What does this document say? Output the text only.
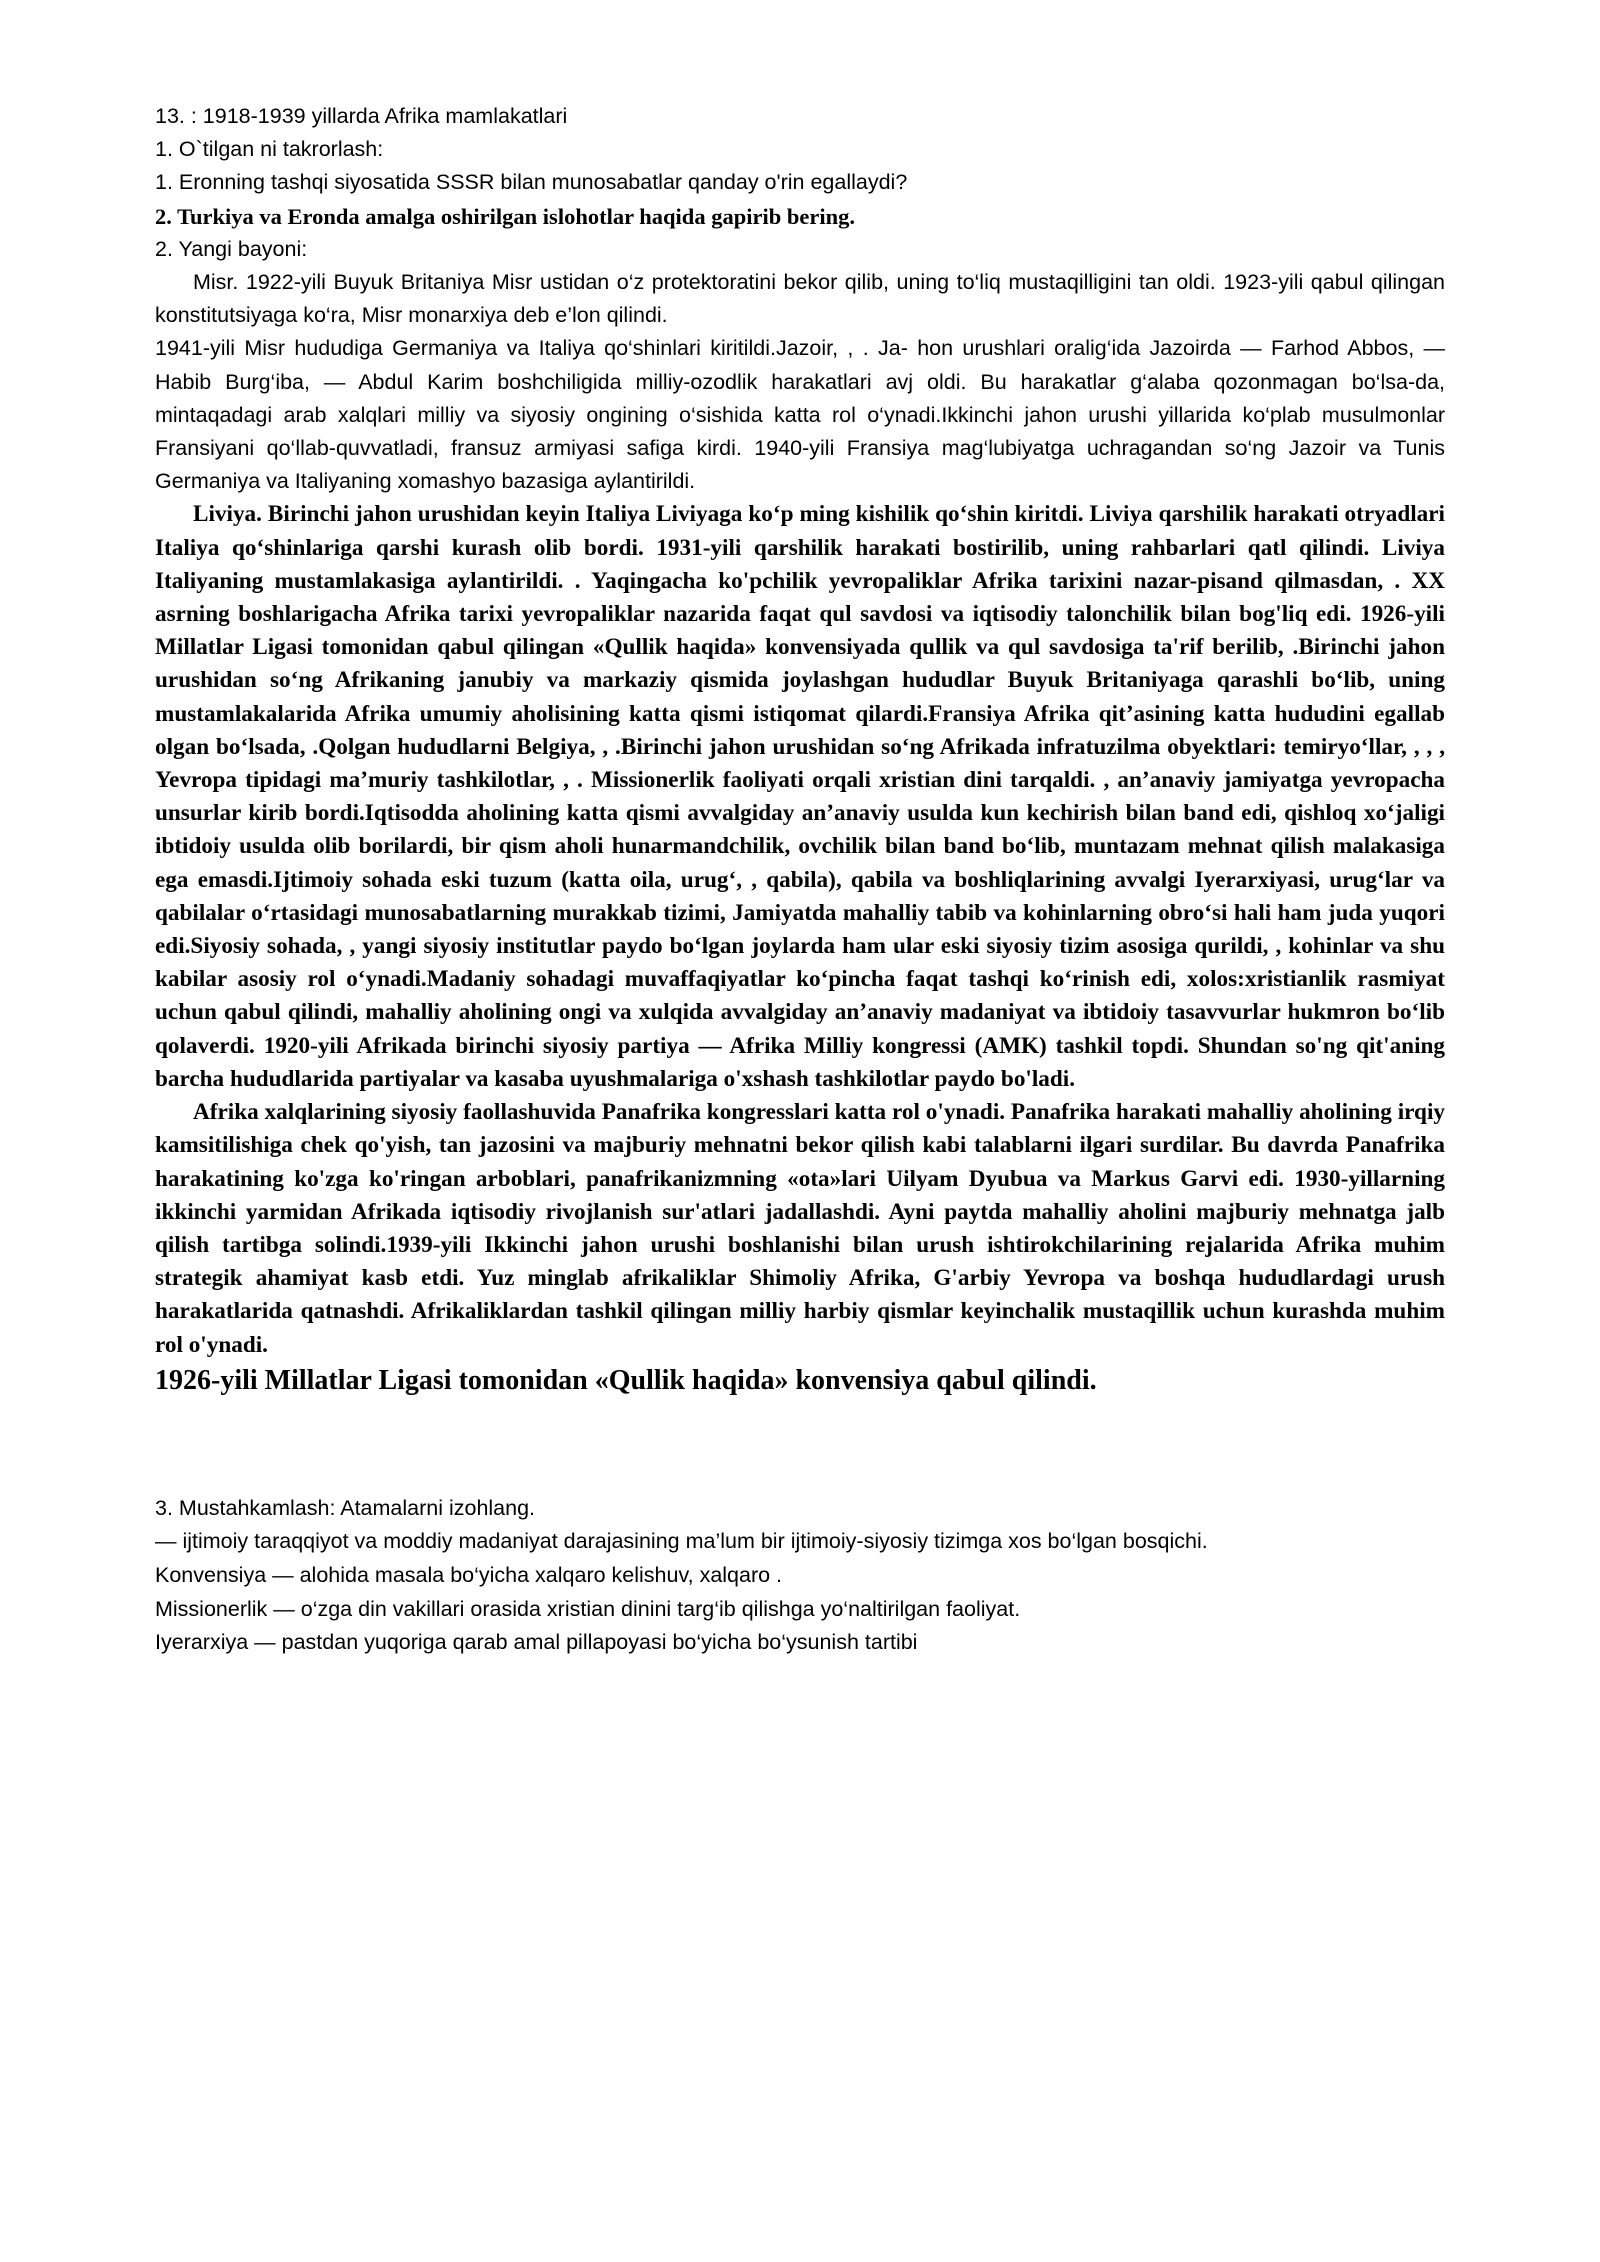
13. : 1918-1939 yillarda Afrika mamlakatlari
1. O`tilgan ni takrorlash:
1. Eronning tashqi siyosatida SSSR bilan munosabatlar qanday o'rin egallaydi?
2. Turkiya va Eronda amalga oshirilgan islohotlar haqida gapirib bering.
2. Yangi bayoni:

Misr. 1922-yili Buyuk Britaniya Misr ustidan o‘z protektoratini bekor qilib, uning to‘liq mustaqilligini tan oldi. 1923-yili qabul qilingan konstitutsiyaga ko‘ra, Misr monarxiya deb e’lon qilindi.

1941-yili Misr hududiga Germaniya va Italiya qo‘shinlari kiritildi.Jazoir, , . Ja- hon urushlari oralig‘ida Jazoirda — Farhod Abbos, — Habib Burg‘iba, — Abdul Karim boshchiligida milliy-ozodlik harakatlari avj oldi. Bu harakatlar g‘alaba qozonmagan bo‘lsa-da, mintaqadagi arab xalqlari milliy va siyosiy ongining o‘sishida katta rol o‘ynadi.Ikkinchi jahon urushi yillarida ko‘plab musulmonlar Fransiyani qo‘llab-quvvatladi, fransuz armiyasi safiga kirdi. 1940-yili Fransiya mag‘lubiyatga uchragandan so‘ng Jazoir va Tunis Germaniya va Italiyaning xomashyo bazasiga aylantirildi.

Liviya. Birinchi jahon urushidan keyin Italiya Liviyaga ko‘p ming kishilik qo‘shin kiritdi. Liviya qarshilik harakati otryadlari Italiya qo‘shinlariga qarshi kurash olib bordi. 1931-yili qarshilik harakati bostirilib, uning rahbarlari qatl qilindi. Liviya Italiyaning mustamlakasiga aylantirildi. . Yaqingacha ko'pchilik yevropaliklar Afrika tarixini nazar-pisand qilmasdan, . XX asrning boshlarigacha Afrika tarixi yevropaliklar nazarida faqat qul savdosi va iqtisodiy talonchilik bilan bog'liq edi. 1926-yili Millatlar Ligasi tomonidan qabul qilingan «Qullik haqida» konvensiyada qullik va qul savdosiga ta'rif berilib, .Birinchi jahon urushidan so‘ng Afrikaning janubiy va markaziy qismida joylashgan hududlar Buyuk Britaniyaga qarashli bo‘lib, uning mustamlakalarida Afrika umumiy aholisining katta qismi istiqomat qilardi.Fransiya Afrika qit’asining katta hududini egallab olgan bo‘lsada, .Qolgan hududlarni Belgiya, , .Birinchi jahon urushidan so‘ng Afrikada infratuzilma obyektlari: temiryo‘llar, , , , Yevropa tipidagi ma’muriy tashkilotlar, , . Missionerlik faoliyati orqali xristian dini tarqaldi. , an’anaviy jamiyatga yevropacha unsurlar kirib bordi.Iqtisodda aholining katta qismi avvalgiday an’anaviy usulda kun kechirish bilan band edi, qishloq xo‘jaligi ibtidoiy usulda olib borilardi, bir qism aholi hunarmandchilik, ovchilik bilan band bo‘lib, muntazam mehnat qilish malakasiga ega emasdi.Ijtimoiy sohada eski tuzum (katta oila, urug‘, , qabila), qabila va boshliqlarining avvalgi Iyerarxiyasi, urug‘lar va qabilalar o‘rtasidagi munosabatlarning murakkab tizimi, Jamiyatda mahalliy tabib va kohinlarning obro‘si hali ham juda yuqori edi.Siyosiy sohada, , yangi siyosiy institutlar paydo bo‘lgan joylarda ham ular eski siyosiy tizim asosiga qurildi, , kohinlar va shu kabilar asosiy rol o‘ynadi.Madaniy sohadagi muvaffaqiyatlar ko‘pincha faqat tashqi ko‘rinish edi, xolos:xristianlik rasmiyat uchun qabul qilindi, mahalliy aholining ongi va xulqida avvalgiday an’anaviy madaniyat va ibtidoiy tasavvurlar hukmron bo‘lib qolaverdi. 1920-yili Afrikada birinchi siyosiy partiya — Afrika Milliy kongressi (AMK) tashkil topdi. Shundan so'ng qit'aning barcha hududlarida partiyalar va kasaba uyushmalariga o'xshash tashkilotlar paydo bo'ladi.

Afrika xalqlarining siyosiy faollashuvida Panafrika kongresslari katta rol o'ynadi. Panafrika harakati mahalliy aholining irqiy kamsitilishiga chek qo'yish, tan jazosini va majburiy mehnatni bekor qilish kabi talablarni ilgari surdilar. Bu davrda Panafrika harakatining ko'zga ko'ringan arboblari, panafrikanizmning «ota»lari Uilyam Dyubua va Markus Garvi edi. 1930-yillarning ikkinchi yarmidan Afrikada iqtisodiy rivojlanish sur'atlari jadallashdi. Ayni paytda mahalliy aholini majburiy mehnatga jalb qilish tartibga solindi.1939-yili Ikkinchi jahon urushi boshlanishi bilan urush ishtirokchilarining rejalarida Afrika muhim strategik ahamiyat kasb etdi. Yuz minglab afrikaliklar Shimoliy Afrika, G'arbiy Yevropa va boshqa hududlardagi urush harakatlarida qatnashdi. Afrikaliklardan tashkil qilingan milliy harbiy qismlar keyinchalik mustaqillik uchun kurashda muhim rol o'ynadi.

1926-yili Millatlar Ligasi tomonidan «Qullik haqida» konvensiya qabul qilindi.

3. Mustahkamlash: Atamalarni izohlang.

— ijtimoiy taraqqiyot va moddiy madaniyat darajasining ma’lum bir ijtimoiy-siyosiy tizimga xos bo‘lgan bosqichi.

Konvensiya — alohida masala bo‘yicha xalqaro kelishuv, xalqaro .

Missionerlik — o‘zga din vakillari orasida xristian dinini targ‘ib qilishga yo‘naltirilgan faoliyat.

Iyerarxiya — pastdan yuqoriga qarab amal pillapoyasi bo‘yicha bo‘ysunish tartibi
